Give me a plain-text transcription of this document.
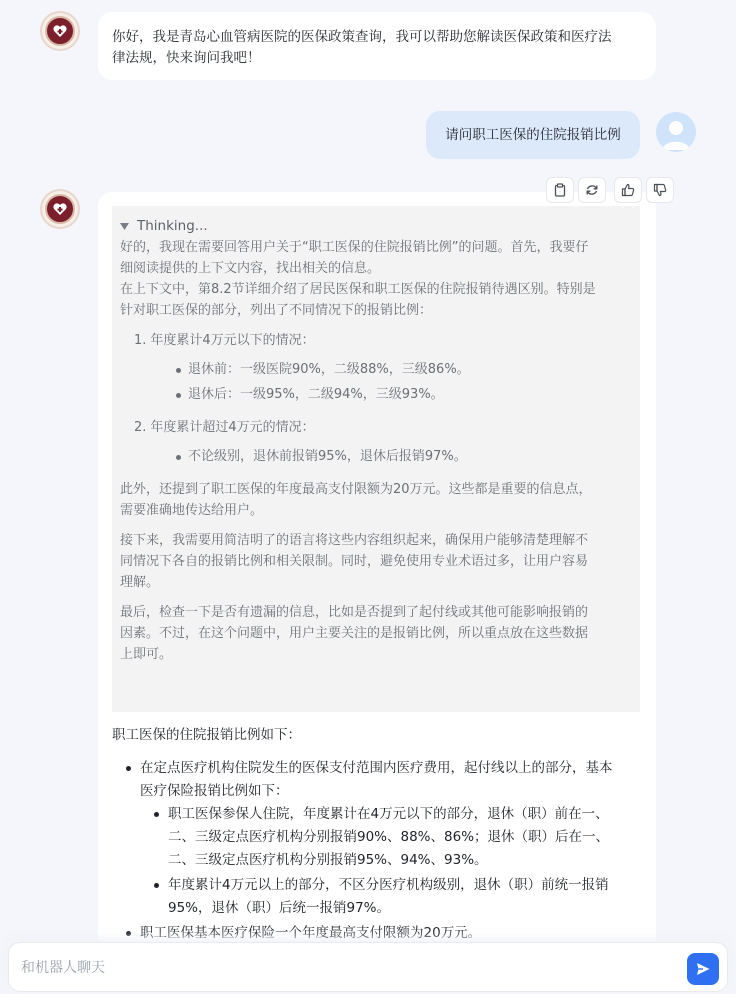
你好，我是青岛心血管病医院的医保政策查询，我可以帮助您解读医保政策和医疗法
律法规，快来询问我吧！
请问职工医保的住院报销比例
Thinking...

好的，我现在需要回答用户关于“职工医保的住院报销比例”的问题。首先，我要仔
细阅读提供的上下文内容，找出相关的信息。
在上下文中，第8.2节详细介绍了居民医保和职工医保的住院报销待遇区别。特别是
针对职工医保的部分，列出了不同情况下的报销比例：

1. 年度累计4万元以下的情况：
退休前：一级医院90%，二级88%，三级86%。
退休后：一级95%，二级94%，三级93%。
2. 年度累计超过4万元的情况：
不论级别，退休前报销95%，退休后报销97%。

此外，还提到了职工医保的年度最高支付限额为20万元。这些都是重要的信息点，
需要准确地传达给用户。

接下来，我需要用简洁明了的语言将这些内容组织起来，确保用户能够清楚理解不
同情况下各自的报销比例和相关限制。同时，避免使用专业术语过多，让用户容易
理解。

最后，检查一下是否有遗漏的信息，比如是否提到了起付线或其他可能影响报销的
因素。不过，在这个问题中，用户主要关注的是报销比例，所以重点放在这些数据
上即可。

职工医保的住院报销比例如下：
在定点医疗机构住院发生的医保支付范围内医疗费用，起付线以上的部分，基本
医疗保险报销比例如下：
职工医保参保人住院，年度累计在4万元以下的部分，退休（职）前在一、
二、三级定点医疗机构分别报销90%、88%、86%；退休（职）后在一、
二、三级定点医疗机构分别报销95%、94%、93%。
年度累计4万元以上的部分，不区分医疗机构级别，退休（职）前统一报销
95%，退休（职）后统一报销97%。
职工医保基本医疗保险一个年度最高支付限额为20万元。
和机器人聊天
